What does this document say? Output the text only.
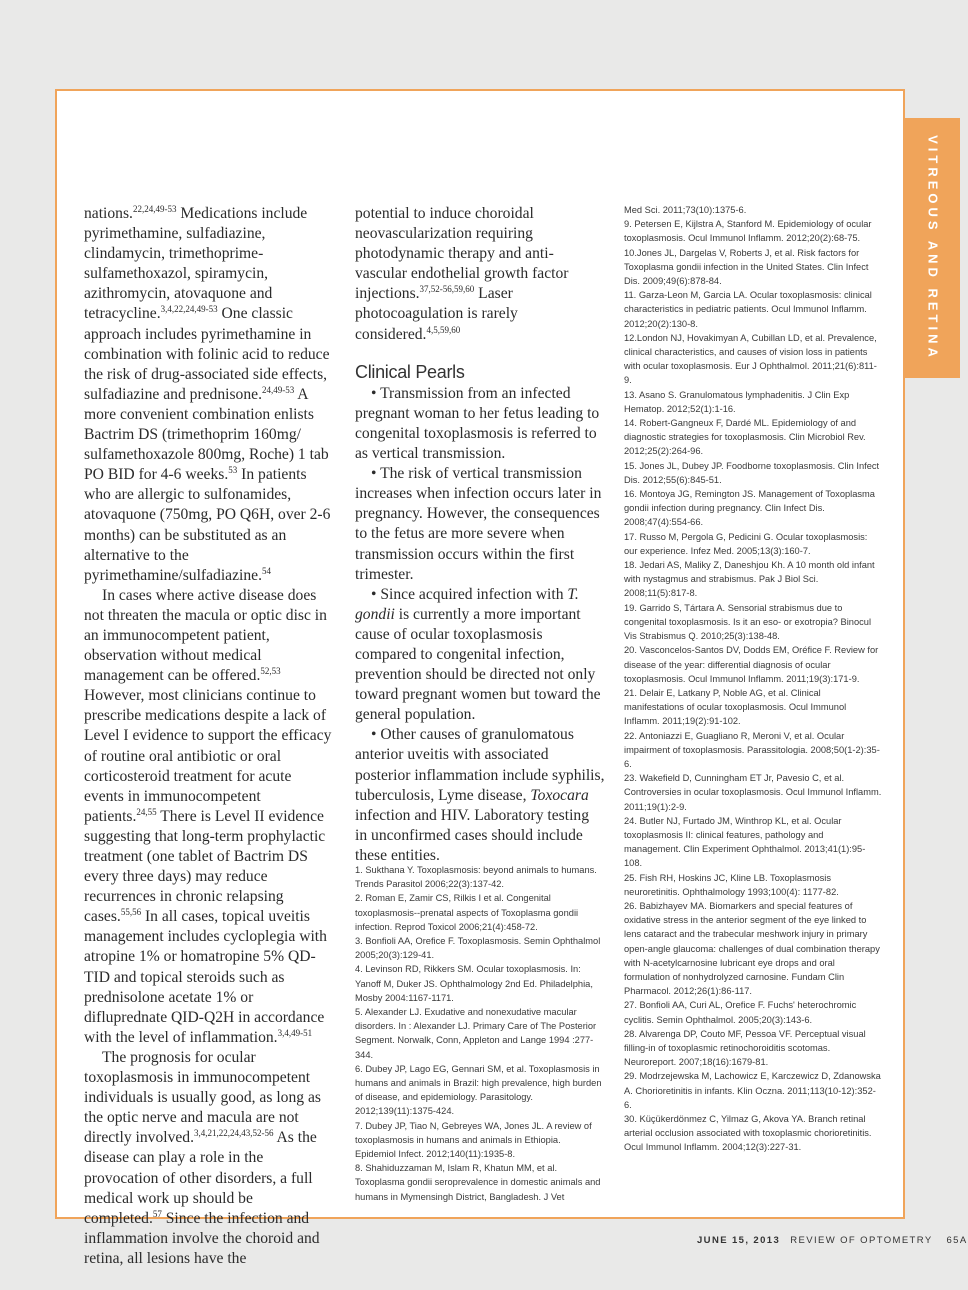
VITREOUS AND RETINA

nations.$^{22,24,49-53}$ Medications include pyrimethamine, sulfadiazine, clindamycin, trimethoprime-sulfamethoxazol, spiramycin, azithromycin, atovaquone and tetracycline.$^{3,4,22,24,49-53}$ One classic approach includes pyrimethamine in combination with folinic acid to reduce the risk of drug-associated side effects, sulfadiazine and prednisone.$^{24,49-53}$ A more convenient combination enlists Bactrim DS (trimethoprim 160mg/ sulfamethoxazole 800mg, Roche) 1 tab PO BID for 4-6 weeks.$^{53}$ In patients who are allergic to sulfonamides, atovaquone (750mg, PO Q6H, over 2-6 months) can be substituted as an alternative to the pyrimethamine/sulfadiazine.$^{54}$

In cases where active disease does not threaten the macula or optic disc in an immunocompetent patient, observation without medical management can be offered.$^{52,53}$ However, most clinicians continue to prescribe medications despite a lack of Level I evidence to support the efficacy of routine oral antibiotic or oral corticosteroid treatment for acute events in immunocompetent patients.$^{24,55}$ There is Level II evidence suggesting that long-term prophylactic treatment (one tablet of Bactrim DS every three days) may reduce recurrences in chronic relapsing cases.$^{55,56}$ In all cases, topical uveitis management includes cycloplegia with atropine 1% or homatropine 5% QD-TID and topical steroids such as prednisolone acetate 1% or difluprednate QID-Q2H in accordance with the level of inflammation.$^{3,4,49-51}$

The prognosis for ocular toxoplasmosis in immunocompetent individuals is usually good, as long as the optic nerve and macula are not directly involved.$^{3,4,21,22,24,43,52-56}$ As the disease can play a role in the provocation of other disorders, a full medical work up should be completed.$^{57}$ Since the infection and inflammation involve the choroid and retina, all lesions have the

potential to induce choroidal neovascularization requiring photodynamic therapy and anti-vascular endothelial growth factor injections.$^{37,52-56,59,60}$ Laser photocoagulation is rarely considered.$^{4,5,59,60}$

Clinical Pearls

• Transmission from an infected pregnant woman to her fetus leading to congenital toxoplasmosis is referred to as vertical transmission.

• The risk of vertical transmission increases when infection occurs later in pregnancy. However, the consequences to the fetus are more severe when transmission occurs within the first trimester.

• Since acquired infection with T. gondii is currently a more important cause of ocular toxoplasmosis compared to congenital infection, prevention should be directed not only toward pregnant women but toward the general population.

• Other causes of granulomatous anterior uveitis with associated posterior inflammation include syphilis, tuberculosis, Lyme disease, Toxocara infection and HIV. Laboratory testing in unconfirmed cases should include these entities.

1. Sukthana Y. Toxoplasmosis: beyond animals to humans. Trends Parasitol 2006;22(3):137-42.

2. Roman E, Zamir CS, Rilkis I et al. Congenital toxoplasmosis--prenatal aspects of Toxoplasma gondii infection. Reprod Toxicol 2006;21(4):458-72.

3. Bonfioli AA, Orefice F. Toxoplasmosis. Semin Ophthalmol 2005;20(3):129-41.

4. Levinson RD, Rikkers SM. Ocular toxoplasmosis. In: Yanoff M, Duker JS. Ophthalmology 2nd Ed. Philadelphia, Mosby 2004:1167-1171.

5. Alexander LJ. Exudative and nonexudative macular disorders. In : Alexander LJ. Primary Care of The Posterior Segment. Norwalk, Conn, Appleton and Lange 1994 :277-344.

6. Dubey JP, Lago EG, Gennari SM, et al. Toxoplasmosis in humans and animals in Brazil: high prevalence, high burden of disease, and epidemiology. Parasitology. 2012;139(11):1375-424.

7. Dubey JP, Tiao N, Gebreyes WA, Jones JL. A review of toxoplasmosis in humans and animals in Ethiopia. Epidemiol Infect. 2012;140(11):1935-8.

8. Shahiduzzaman M, Islam R, Khatun MM, et al. Toxoplasma gondii seroprevalence in domestic animals and humans in Mymensingh District, Bangladesh. J Vet

Med Sci. 2011;73(10):1375-6.

9. Petersen E, Kijlstra A, Stanford M. Epidemiology of ocular toxoplasmosis. Ocul Immunol Inflamm. 2012;20(2):68-75.

10.Jones JL, Dargelas V, Roberts J, et al. Risk factors for Toxoplasma gondii infection in the United States. Clin Infect Dis. 2009;49(6):878-84.

11. Garza-Leon M, Garcia LA. Ocular toxoplasmosis: clinical characteristics in pediatric patients. Ocul Immunol Inflamm. 2012;20(2):130-8.

12.London NJ, Hovakimyan A, Cubillan LD, et al. Prevalence, clinical characteristics, and causes of vision loss in patients with ocular toxoplasmosis. Eur J Ophthalmol. 2011;21(6):811-9.

13. Asano S. Granulomatous lymphadenitis. J Clin Exp Hematop. 2012;52(1):1-16.

14. Robert-Gangneux F, Dardé ML. Epidemiology of and diagnostic strategies for toxoplasmosis. Clin Microbiol Rev. 2012;25(2):264-96.

15. Jones JL, Dubey JP. Foodborne toxoplasmosis. Clin Infect Dis. 2012;55(6):845-51.

16. Montoya JG, Remington JS. Management of Toxoplasma gondii infection during pregnancy. Clin Infect Dis. 2008;47(4):554-66.

17. Russo M, Pergola G, Pedicini G. Ocular toxoplasmosis: our experience. Infez Med. 2005;13(3):160-7.

18. Jedari AS, Maliky Z, Daneshjou Kh. A 10 month old infant with nystagmus and strabismus. Pak J Biol Sci. 2008;11(5):817-8.

19. Garrido S, Tártara A. Sensorial strabismus due to congenital toxoplasmosis. Is it an eso- or exotropia? Binocul Vis Strabismus Q. 2010;25(3):138-48.

20. Vasconcelos-Santos DV, Dodds EM, Oréfice F. Review for disease of the year: differential diagnosis of ocular toxoplasmosis. Ocul Immunol Inflamm. 2011;19(3):171-9.

21. Delair E, Latkany P, Noble AG, et al. Clinical manifestations of ocular toxoplasmosis. Ocul Immunol Inflamm. 2011;19(2):91-102.

22. Antoniazzi E, Guagliano R, Meroni V, et al. Ocular impairment of toxoplasmosis. Parassitologia. 2008;50(1-2):35-6.

23. Wakefield D, Cunningham ET Jr, Pavesio C, et al. Controversies in ocular toxoplasmosis. Ocul Immunol Inflamm. 2011;19(1):2-9.

24. Butler NJ, Furtado JM, Winthrop KL, et al. Ocular toxoplasmosis II: clinical features, pathology and management. Clin Experiment Ophthalmol. 2013;41(1):95-108.

25. Fish RH, Hoskins JC, Kline LB. Toxoplasmosis neuroretinitis. Ophthalmology 1993;100(4): 1177-82.

26. Babizhayev MA. Biomarkers and special features of oxidative stress in the anterior segment of the eye linked to lens cataract and the trabecular meshwork injury in primary open-angle glaucoma: challenges of dual combination therapy with N-acetylcarnosine lubricant eye drops and oral formulation of nonhydrolyzed carnosine. Fundam Clin Pharmacol. 2012;26(1):86-117.

27. Bonfioli AA, Curi AL, Orefice F. Fuchs' heterochromic cyclitis. Semin Ophthalmol. 2005;20(3):143-6.

28. Alvarenga DP, Couto MF, Pessoa VF. Perceptual visual filling-in of toxoplasmic retinochoroiditis scotomas. Neuroreport. 2007;18(16):1679-81.

29. Modrzejewska M, Lachowicz E, Karczewicz D, Zdanowska A. Chorioretinitis in infants. Klin Oczna. 2011;113(10-12):352-6.

30. Küçükerdönmez C, Yilmaz G, Akova YA. Branch retinal arterial occlusion associated with toxoplasmic chorioretinitis. Ocul Immunol Inflamm. 2004;12(3):227-31.

JUNE 15, 2013 REVIEW OF OPTOMETRY 65A
